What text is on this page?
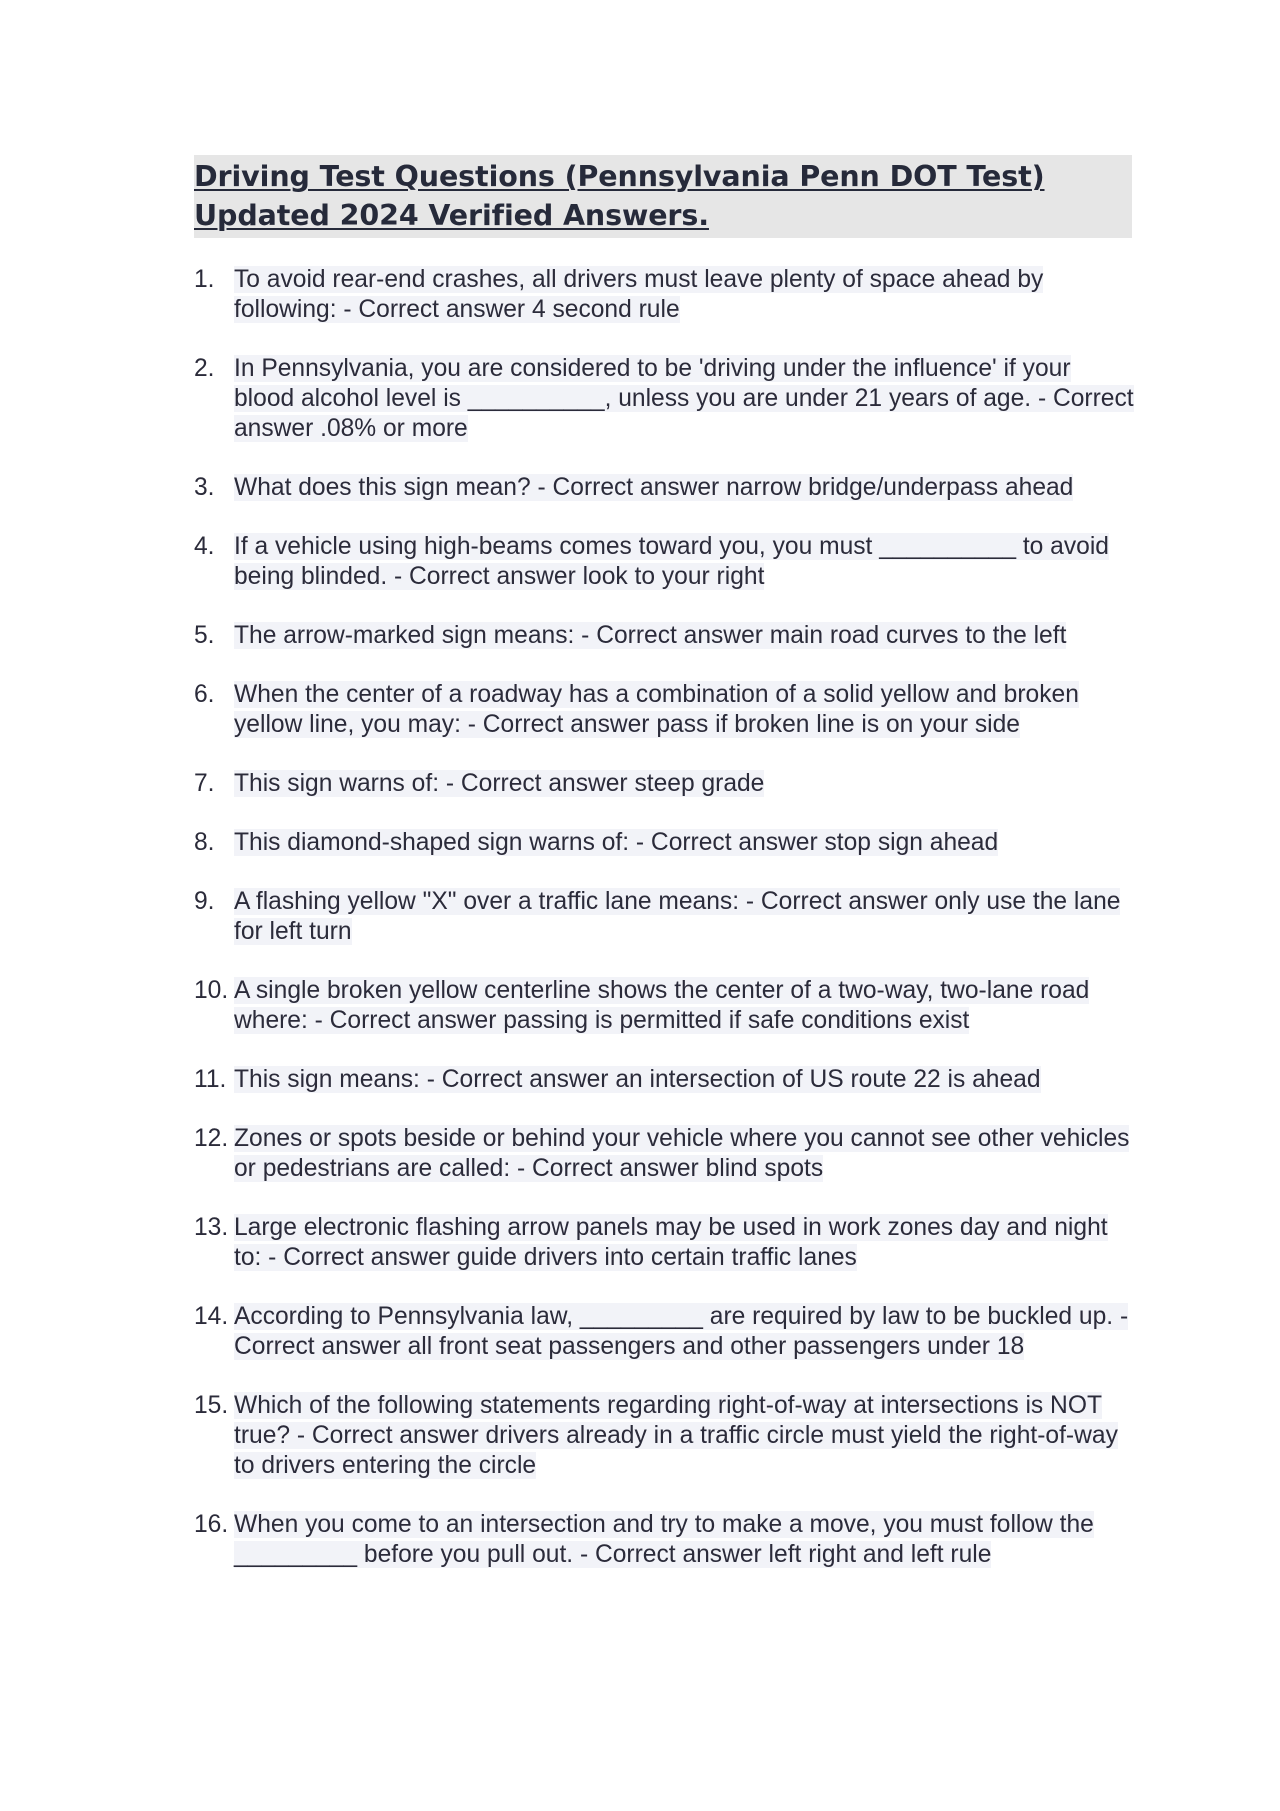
Driving Test Questions (Pennsylvania Penn DOT Test)
Updated 2024 Verified Answers.
1. To avoid rear-end crashes, all drivers must leave plenty of space ahead by following: - Correct answer 4 second rule
2. In Pennsylvania, you are considered to be 'driving under the influence' if your blood alcohol level is __________, unless you are under 21 years of age. - Correct answer .08% or more
3. What does this sign mean? - Correct answer narrow bridge/underpass ahead
4. If a vehicle using high-beams comes toward you, you must __________ to avoid being blinded. - Correct answer look to your right
5. The arrow-marked sign means: - Correct answer main road curves to the left
6. When the center of a roadway has a combination of a solid yellow and broken yellow line, you may: - Correct answer pass if broken line is on your side
7. This sign warns of: - Correct answer steep grade
8. This diamond-shaped sign warns of: - Correct answer stop sign ahead
9. A flashing yellow "X" over a traffic lane means: - Correct answer only use the lane for left turn
10. A single broken yellow centerline shows the center of a two-way, two-lane road where: - Correct answer passing is permitted if safe conditions exist
11. This sign means: - Correct answer an intersection of US route 22 is ahead
12. Zones or spots beside or behind your vehicle where you cannot see other vehicles or pedestrians are called: - Correct answer blind spots
13. Large electronic flashing arrow panels may be used in work zones day and night to: - Correct answer guide drivers into certain traffic lanes
14. According to Pennsylvania law, _________ are required by law to be buckled up. - Correct answer all front seat passengers and other passengers under 18
15. Which of the following statements regarding right-of-way at intersections is NOT true? - Correct answer drivers already in a traffic circle must yield the right-of-way to drivers entering the circle
16. When you come to an intersection and try to make a move, you must follow the _________ before you pull out. - Correct answer left right and left rule
